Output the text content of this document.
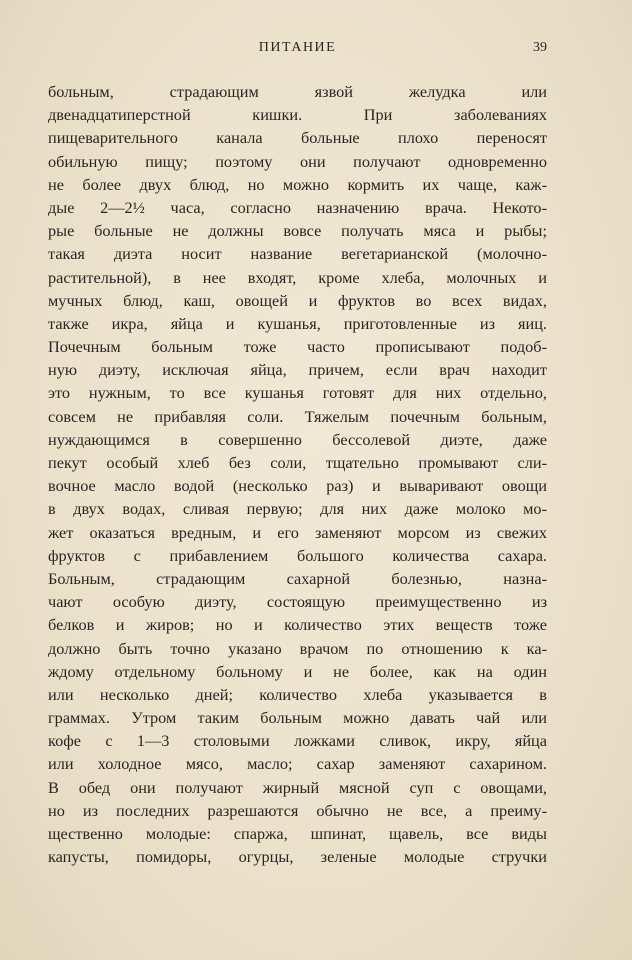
ПИТАНИЕ	39
больным, страдающим язвой желудка или
двенадцатиперстной кишки. При заболеваниях
пищеварительного канала больные плохо переносят
обильную пищу; поэтому они получают одновременно
не более двух блюд, но можно кормить их чаще, каж-
дые 2—2½ часа, согласно назначению врача. Некото-
рые больные не должны вовсе получать мяса и рыбы;
такая диэта носит название вегетарианской (молочно-
растительной), в нее входят, кроме хлеба, молочных и
мучных блюд, каш, овощей и фруктов во всех видах,
также икра, яйца и кушанья, приготовленные из яиц.
Почечным больным тоже часто прописывают подоб-
ную диэту, исключая яйца, причем, если врач находит
это нужным, то все кушанья готовят для них отдельно,
совсем не прибавляя соли. Тяжелым почечным больным,
нуждающимся в совершенно бессолевой диэте, даже
пекут особый хлеб без соли, тщательно промывают сли-
вочное масло водой (несколько раз) и вываривают овощи
в двух водах, сливая первую; для них даже молоко мо-
жет оказаться вредным, и его заменяют морсом из свежих
фруктов с прибавлением большого количества сахара.
Больным, страдающим сахарной болезнью, назна-
чают особую диэту, состоящую преимущественно из
белков и жиров; но и количество этих веществ тоже
должно быть точно указано врачом по отношению к ка-
ждому отдельному больному и не более, как на один
или несколько дней; количество хлеба указывается в
граммах. Утром таким больным можно давать чай или
кофе с 1—3 столовыми ложками сливок, икру, яйца
или холодное мясо, масло; сахар заменяют сахарином.
В обед они получают жирный мясной суп с овощами,
но из последних разрешаются обычно не все, а преиму-
щественно молодые: спаржа, шпинат, щавель, все виды
капусты, помидоры, огурцы, зеленые молодые стручки
